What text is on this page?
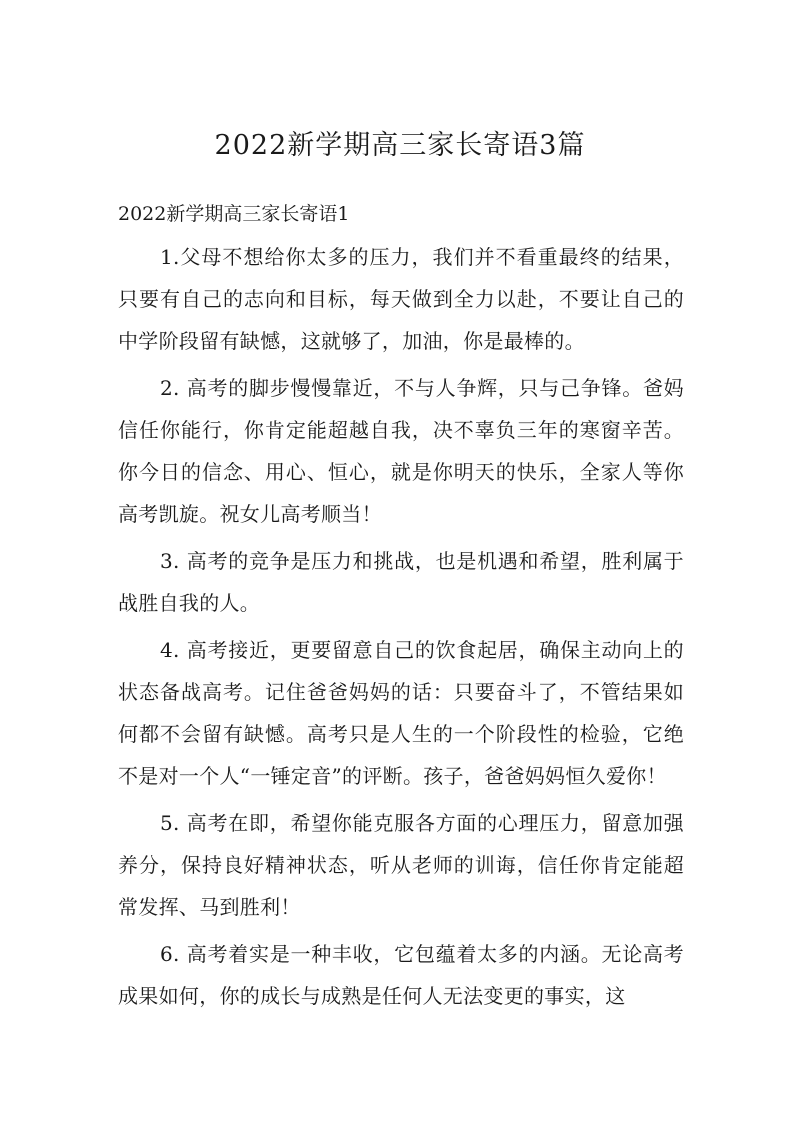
2022新学期高三家长寄语3篇
2022新学期高三家长寄语1

1.父母不想给你太多的压力，我们并不看重最终的结果，只要有自己的志向和目标，每天做到全力以赴，不要让自己的中学阶段留有缺憾，这就够了，加油，你是最棒的。

2. 高考的脚步慢慢靠近，不与人争辉，只与己争锋。爸妈信任你能行，你肯定能超越自我，决不辜负三年的寒窗辛苦。你今日的信念、用心、恒心，就是你明天的快乐，全家人等你高考凯旋。祝女儿高考顺当！

3. 高考的竞争是压力和挑战，也是机遇和希望，胜利属于战胜自我的人。

4. 高考接近，更要留意自己的饮食起居，确保主动向上的状态备战高考。记住爸爸妈妈的话：只要奋斗了，不管结果如何都不会留有缺憾。高考只是人生的一个阶段性的检验，它绝不是对一个人“一锤定音”的评断。孩子，爸爸妈妈恒久爱你！

5. 高考在即，希望你能克服各方面的心理压力，留意加强养分，保持良好精神状态，听从老师的训诲，信任你肯定能超常发挥、马到胜利！

6. 高考着实是一种丰收，它包蕴着太多的内涵。无论高考成果如何，你的成长与成熟是任何人无法变更的事实，这
